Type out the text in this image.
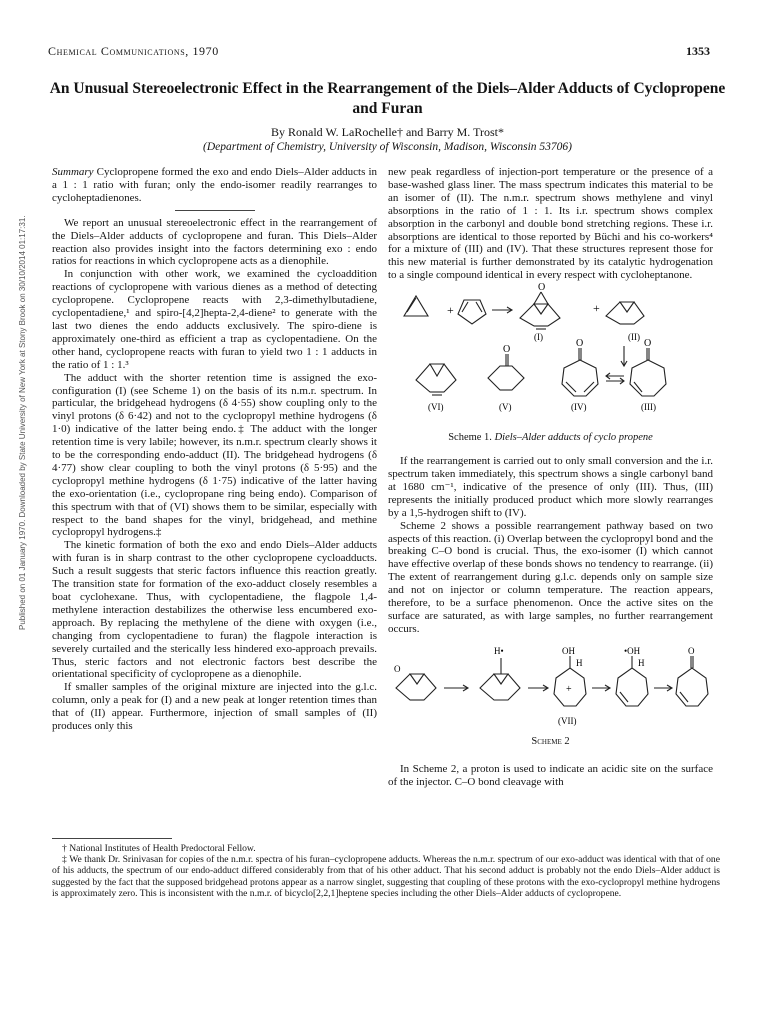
Published on 01 January 1970. Downloaded by State University of New York at Stony Brook on 30/10/2014 01:17:31.
Chemical Communications, 1970	1353
An Unusual Stereoelectronic Effect in the Rearrangement of the Diels–Alder Adducts of Cyclopropene and Furan
By Ronald W. LaRochelle† and Barry M. Trost*
(Department of Chemistry, University of Wisconsin, Madison, Wisconsin 53706)
Summary Cyclopropene formed the exo and endo Diels–Alder adducts in a 1 : 1 ratio with furan; only the endo-isomer readily rearranges to cycloheptadienones.

We report an unusual stereoelectronic effect in the rearrangement of the Diels–Alder adducts of cyclopropene and furan. This Diels–Alder reaction also provides insight into the factors determining exo : endo ratios for reactions in which cyclopropene acts as a dienophile.

In conjunction with other work, we examined the cycloaddition reactions of cyclopropene with various dienes as a method of detecting cyclopropene. Cyclopropene reacts with 2,3-dimethylbutadiene, cyclopentadiene,¹ and spiro-[4,2]hepta-2,4-diene² to generate with the last two dienes the endo adducts exclusively. The spiro-diene is approximately one-third as efficient a trap as cyclopentadiene. On the other hand, cyclopropene reacts with furan to yield two 1 : 1 adducts in the ratio of 1 : 1.³

The adduct with the shorter retention time is assigned the exo-configuration (I) (see Scheme 1) on the basis of its n.m.r. spectrum. In particular, the bridgehead hydrogens (δ 4·55) show coupling only to the vinyl protons (δ 6·42) and not to the cyclopropyl methine hydrogens (δ 1·0) indicative of the latter being endo.‡ The adduct with the longer retention time is very labile; however, its n.m.r. spectrum clearly shows it to be the corresponding endo-adduct (II). The bridgehead hydrogens (δ 4·77) show clear coupling to both the vinyl protons (δ 5·95) and the cyclopropyl methine hydrogens (δ 1·75) indicative of the latter having the exo-orientation (i.e., cyclopropane ring being endo). Comparison of this spectrum with that of (VI) shows them to be similar, especially with respect to the band shapes for the vinyl, bridgehead, and methine cyclopropyl hydrogens.‡

The kinetic formation of both the exo and endo Diels–Alder adducts with furan is in sharp contrast to the other cyclopropene cycloadducts. Such a result suggests that steric factors influence this reaction greatly. The transition state for formation of the exo-adduct closely resembles a boat cyclohexane. Thus, with cyclopentadiene, the flagpole 1,4-methylene interaction destabilizes the otherwise less encumbered exo-approach. By replacing the methylene of the diene with oxygen (i.e., changing from cyclopentadiene to furan) the flagpole interaction is severely curtailed and the sterically less hindered exo-approach prevails. Thus, steric factors and not electronic factors best describe the orientational specificity of cyclopropene as a dienophile.

If smaller samples of the original mixture are injected into the g.l.c. column, only a peak for (I) and a new peak at longer retention times than that of (II) appear. Furthermore, injection of small samples of (II) produces only this

new peak regardless of injection-port temperature or the presence of a base-washed glass liner. The mass spectrum indicates this material to be an isomer of (II). The n.m.r. spectrum shows methylene and vinyl absorptions in the ratio of 1 : 1. Its i.r. spectrum shows complex absorption in the carbonyl and double bond stretching regions. These i.r. absorptions are identical to those reported by Büchi and his co-workers⁴ for a mixture of (III) and (IV). That these structures represent those for this new material is further demonstrated by its catalytic hydrogenation to a single compound identical in every respect with cycloheptanone.

+	+
O
O
O	O
(I)	(II)
(VI)	(V)	(IV)	(III)
Scheme 1. Diels–Alder adducts of cyclo propene

If the rearrangement is carried out to only small conversion and the i.r. spectrum taken immediately, this spectrum shows a single carbonyl band at 1680 cm⁻¹, indicative of the presence of only (III). Thus, (III) represents the initially produced product which more slowly rearranges by a 1,5-hydrogen shift to (IV).

Scheme 2 shows a possible rearrangement pathway based on two aspects of this reaction. (i) Overlap between the cyclopropyl bond and the breaking C–O bond is crucial. Thus, the exo-isomer (I) which cannot have effective overlap of these bonds shows no tendency to rearrange. (ii) The extent of rearrangement during g.l.c. depends only on sample size and not on injector or column temperature. The reaction appears, therefore, to be a surface phenomenon. Once the active sites on the surface are saturated, as with large samples, no further rearrangement occurs.

O
H•	OH
H
+
(VII)
•OH
H
O
Scheme 2

In Scheme 2, a proton is used to indicate an acidic site on the surface of the injector. C–O bond cleavage with

† National Institutes of Health Predoctoral Fellow.

‡ We thank Dr. Srinivasan for copies of the n.m.r. spectra of his furan–cyclopropene adducts. Whereas the n.m.r. spectrum of our exo-adduct was identical with that of one of his adducts, the spectrum of our endo-adduct differed considerably from that of his other adduct. That his second adduct is probably not the endo Diels–Alder adduct is suggested by the fact that the supposed bridgehead protons appear as a narrow singlet, suggesting that coupling of these protons with the exo-cyclopropyl methine hydrogens is approximately zero. This is inconsistent with the n.m.r. of bicyclo[2,2,1]heptene species including the other Diels–Alder adducts of cyclopropene.
